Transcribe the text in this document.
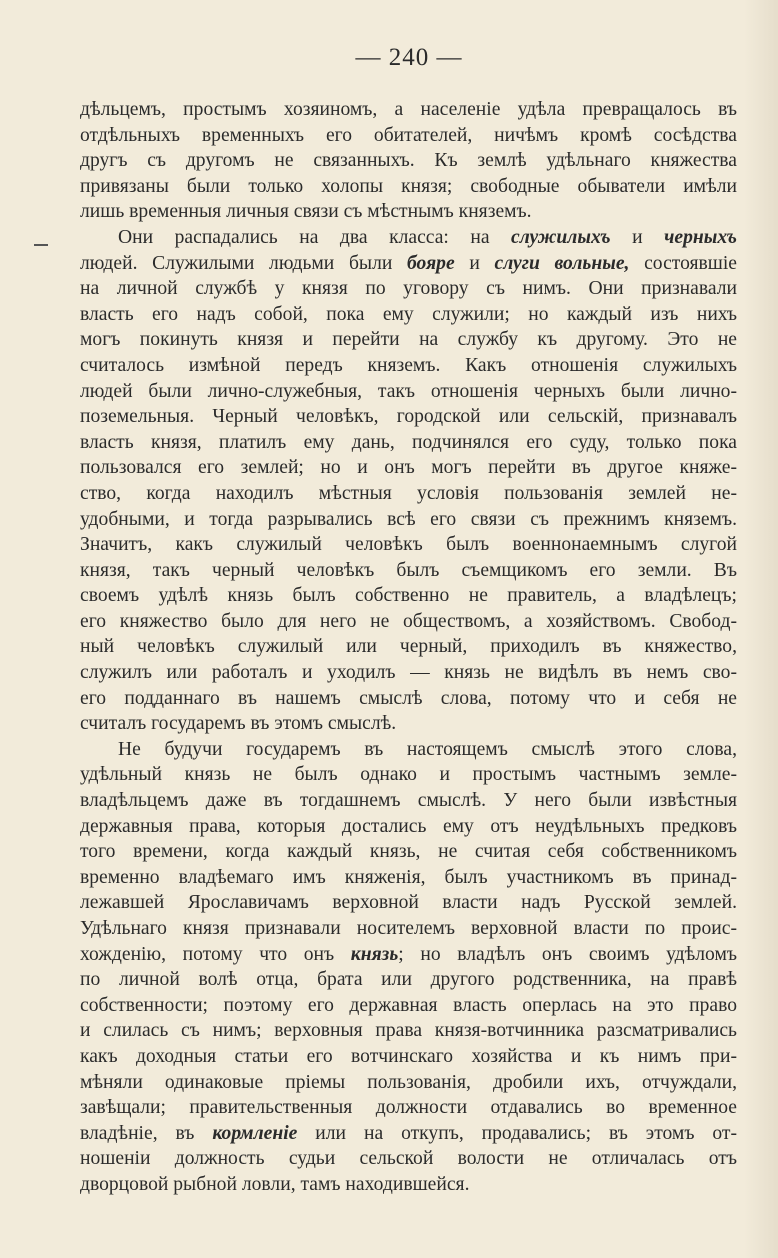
— 240 —
дѣльцемъ, простымъ хозяиномъ, а населеніе удѣла превращалось въ
отдѣльныхъ временныхъ его обитателей, ничѣмъ кромѣ сосѣдства
другъ съ другомъ не связанныхъ. Къ землѣ удѣльнаго княжества
привязаны были только холопы князя; свободные обыватели имѣли
лишь временныя личныя связи съ мѣстнымъ княземъ.
Они распадались на два класса: на служилыхъ и черныхъ
людей. Служилыми людьми были бояре и слуги вольные, состоявшіе
на личной службѣ у князя по уговору съ нимъ. Они признавали
власть его надъ собой, пока ему служили; но каждый изъ нихъ
могъ покинуть князя и перейти на службу къ другому. Это не
считалось измѣной передъ княземъ. Какъ отношенія служилыхъ
людей были лично-служебныя, такъ отношенія черныхъ были лично-
поземельныя. Черный человѣкъ, городской или сельскій, признавалъ
власть князя, платилъ ему дань, подчинялся его суду, только пока
пользовался его землей; но и онъ могъ перейти въ другое княже-
ство, когда находилъ мѣстныя условія пользованія землей не-
удобными, и тогда разрывались всѣ его связи съ прежнимъ княземъ.
Значитъ, какъ служилый человѣкъ былъ военнонаемнымъ слугой
князя, такъ черный человѣкъ былъ съемщикомъ его земли. Въ
своемъ удѣлѣ князь былъ собственно не правитель, а владѣлецъ;
его княжество было для него не обществомъ, а хозяйствомъ. Свобод-
ный человѣкъ служилый или черный, приходилъ въ княжество,
служилъ или работалъ и уходилъ — князь не видѣлъ въ немъ сво-
его подданнаго въ нашемъ смыслѣ слова, потому что и себя не
считалъ государемъ въ этомъ смыслѣ.
Не будучи государемъ въ настоящемъ смыслѣ этого слова,
удѣльный князь не былъ однако и простымъ частнымъ земле-
владѣльцемъ даже въ тогдашнемъ смыслѣ. У него были извѣстныя
державныя права, которыя достались ему отъ неудѣльныхъ предковъ
того времени, когда каждый князь, не считая себя собственникомъ
временно владѣемаго имъ княженія, былъ участникомъ въ принад-
лежавшей Ярославичамъ верховной власти надъ Русской землей.
Удѣльнаго князя признавали носителемъ верховной власти по проис-
хожденію, потому что онъ князь; но владѣлъ онъ своимъ удѣломъ
по личной волѣ отца, брата или другого родственника, на правѣ
собственности; поэтому его державная власть оперлась на это право
и слилась съ нимъ; верховныя права князя-вотчинника разсматривались
какъ доходныя статьи его вотчинскаго хозяйства и къ нимъ при-
мѣняли одинаковые пріемы пользованія, дробили ихъ, отчуждали,
завѣщали; правительственныя должности отдавались во временное
владѣніе, въ кормленіе или на откупъ, продавались; въ этомъ от-
ношеніи должность судьи сельской волости не отличалась отъ
дворцовой рыбной ловли, тамъ находившейся.
